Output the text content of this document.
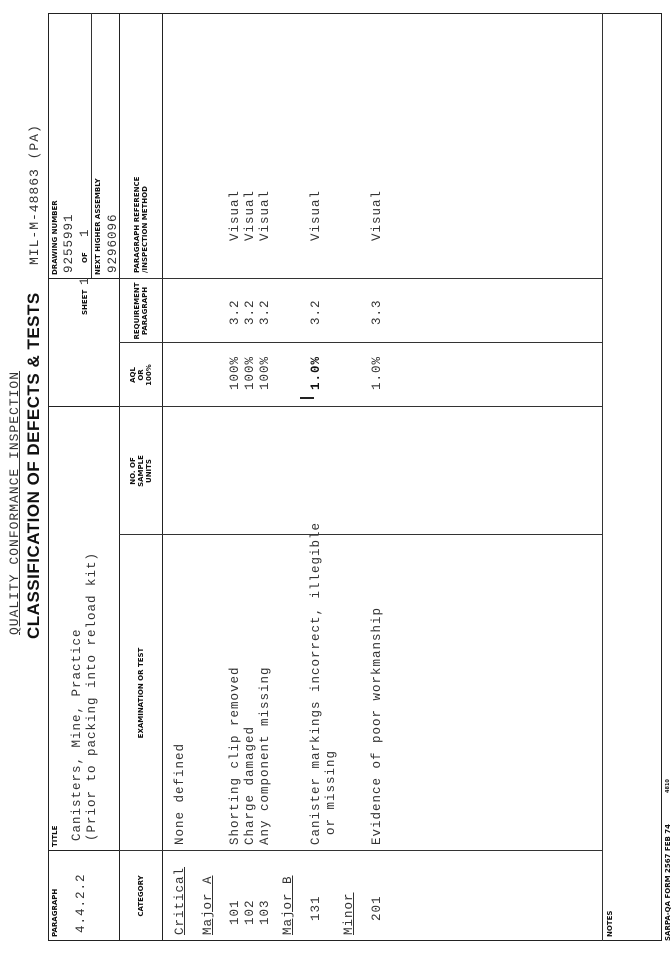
QUALITY CONFORMANCE INSPECTION CLASSIFICATION OF DEFECTS & TESTS
MIL-M-48863 (PA)
PARAGRAPH
TITLE
SHEET
OF
DRAWING NUMBER	NEXT HIGHER ASSEMBLY
4.4.2.2
Canisters, Mine, Practice (Prior to packing into reload kit)
1
1
9255991 9296096
CATEGORY
EXAMINATION OR TEST
NO. OF SAMPLE UNITS
AQL OR 100%
REQUIREMENT PARAGRAPH
PARAGRAPH REFERENCE /INSPECTION METHOD
Critical
None defined
Major A 101
Shorting clip removed
100%
3.2
Visual
102
Charge damaged
100%
3.2
Visual
103
Any component missing
100%
3.2
Visual
Major B 131
Canister markings incorrect, illegible or missing
1.0%
3.2
Visual
Minor 201
Evidence of poor workmanship
1.0%
3.3
Visual
NOTES	SARPA-QA FORM 2567 FEB 74
4810
